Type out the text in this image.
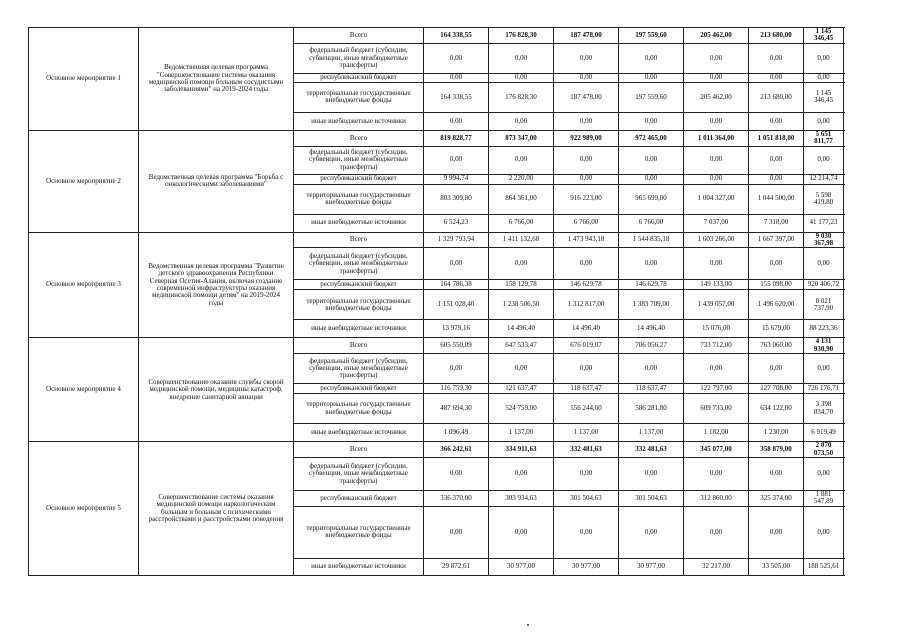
Основное мероприятие 1	Ведомственная целевая программа "Совершенствование системы оказания медицинской помощи больным сосудистыми заболеваниями" на 2019-2024 годы	Всего	164 338,55	176 828,30	187 478,00	197 559,60	205 462,00	213 680,00	1 145 346,45
		федеральный бюджет (субсидии, субвенции, иные межбюджетные трансферты)	0,00	0,00	0,00	0,00	0,00	0,00	0,00
		республиканский бюджет	0,00	0,00	0,00	0,00	0,00	0,00	0,00
		территориальные государственные внебюджетные фонды	164 338,55	176 828,30	187 478,00	197 559,60	205 462,00	213 680,00	1 145 346,45
		иные внебюджетные источники	0,00	0,00	0,00	0,00	0,00	0,00	0,00
Основное мероприятие 2	Ведомственная целевая программа "Борьба с онкологическими заболеваниями"	Всего	819 828,77	873 347,00	922 989,00	972 465,00	1 011 364,00	1 051 818,00	5 651 811,77
		федеральный бюджет (субсидии, субвенции, иные межбюджетные трансферты)	0,00	0,00	0,00	0,00	0,00	0,00	0,00
		республиканский бюджет	9 994,74	2 220,00	0,00	0,00	0,00	0,00	12 214,74
		территориальные государственные внебюджетные фонды	803 309,80	864 361,00	916 223,00	965 699,00	1 004 327,00	1 044 500,00	5 598 419,80
		иные внебюджетные источники	6 524,23	6 766,00	6 766,00	6 766,00	7 037,00	7 318,00	41 177,23
Основное мероприятие 3	Ведомственная целевая программа "Развитие детского здравоохранения Республики Северная Осетия-Алания, включая создание современной инфраструктуры оказания медицинской помощи детям" на 2019-2024 годы	Всего	1 329 793,94	1 411 132,68	1 473 943,18	1 544 835,18	1 603 266,00	1 667 397,00	9 030 367,98
		федеральный бюджет (субсидии, субвенции, иные межбюджетные трансферты)	0,00	0,00	0,00	0,00	0,00	0,00	0,00
		республиканский бюджет	164 786,38	158 129,78	146 629,78	146 629,78	149 133,00	155 098,00	920 406,72
		территориальные государственные внебюджетные фонды	1 151 028,40	1 238 506,50	1 312 817,00	1 383 709,00	1 439 057,00	1 496 620,00	8 021 737,90
		иные внебюджетные источники	13 979,16	14 496,40	14 496,40	14 496,40	15 076,00	15 679,00	88 223,36
Основное мероприятие 4	Совершенствование оказания службы скорой медицинской помощи, медицины катастроф, внедрение санитарной авиации	Всего	605 550,09	647 533,47	676 019,07	706 056,27	733 712,00	763 060,00	4 131 930,90
		федеральный бюджет (субсидии, субвенции, иные межбюджетные трансферты)	0,00	0,00	0,00	0,00	0,00	0,00	0,00
		республиканский бюджет	116 759,30	121 637,47	118 637,47	118 637,47	122 797,00	127 708,00	726 176,71
		территориальные государственные внебюджетные фонды	487 694,30	524 759,00	556 244,60	586 281,80	609 733,00	634 122,00	3 398 834,70
		иные внебюджетные источники	1 096,49	1 137,00	1 137,00	1 137,00	1 182,00	1 230,00	6 919,49
Основное мероприятие 5	Совершенствование системы оказания медицинской помощи наркологическим больным и больным с психическими расстройствами и расстройствами поведения	Всего	366 242,61	334 911,63	332 481,63	332 481,63	345 077,00	358 879,00	2 070 073,50
		федеральный бюджет (субсидии, субвенции, иные межбюджетные трансферты)	0,00	0,00	0,00	0,00	0,00	0,00	0,00
		республиканский бюджет	336 370,00	303 934,63	301 504,63	301 504,63	312 860,00	325 374,00	1 881 547,89
		территориальные государственные внебюджетные фонды	0,00	0,00	0,00	0,00	0,00	0,00	0,00
		иные внебюджетные источники	29 872,61	30 977,00	30 977,00	30 977,00	32 217,00	33 505,00	188 525,61
